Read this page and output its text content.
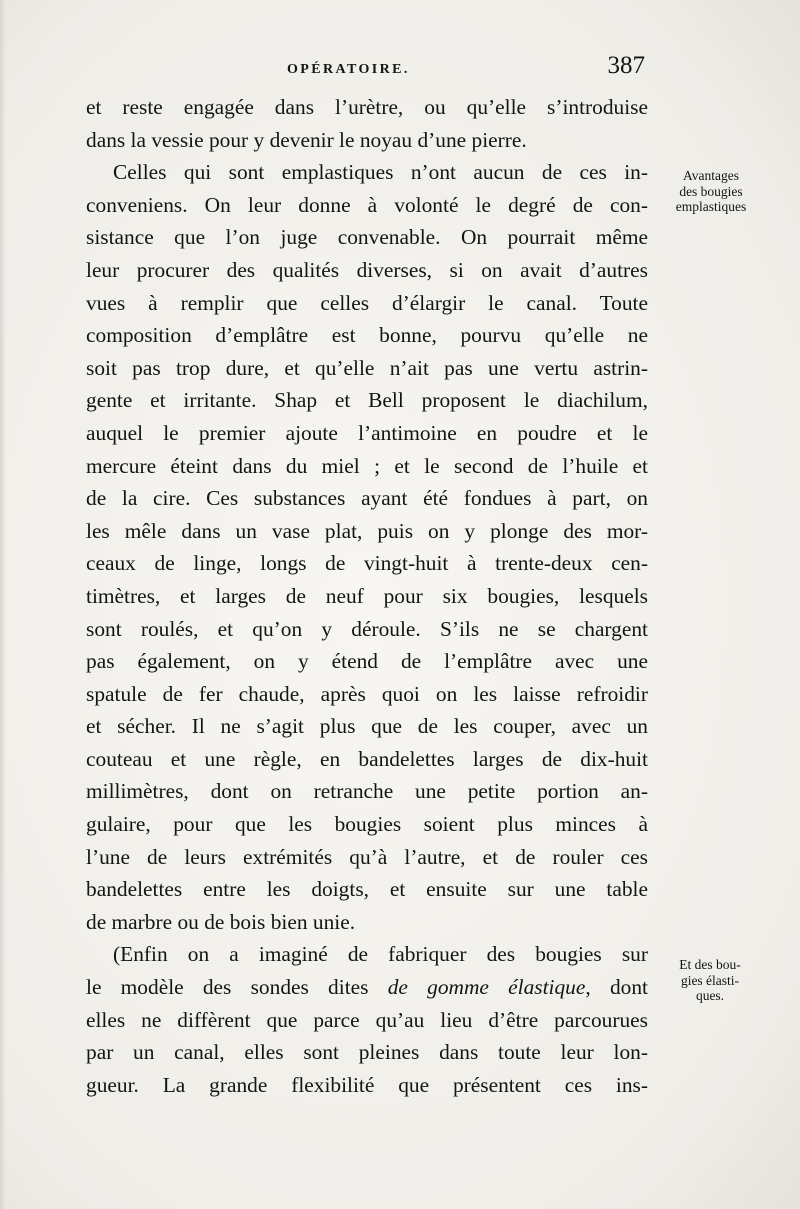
OPÉRATOIRE.	387
et reste engagée dans l’urètre, ou qu’elle s’introduise
dans la vessie pour y devenir le noyau d’une pierre.
Celles qui sont emplastiques n’ont aucun de ces in-
conveniens. On leur donne à volonté le degré de con-
sistance que l’on juge convenable. On pourrait même
leur procurer des qualités diverses, si on avait d’autres
vues à remplir que celles d’élargir le canal. Toute
composition d’emplâtre est bonne, pourvu qu’elle ne
soit pas trop dure, et qu’elle n’ait pas une vertu astrin-
gente et irritante. Shap et Bell proposent le diachilum,
auquel le premier ajoute l’antimoine en poudre et le
mercure éteint dans du miel ; et le second de l’huile et
de la cire. Ces substances ayant été fondues à part, on
les mêle dans un vase plat, puis on y plonge des mor-
ceaux de linge, longs de vingt-huit à trente-deux cen-
timètres, et larges de neuf pour six bougies, lesquels
sont roulés, et qu’on y déroule. S’ils ne se chargent
pas également, on y étend de l’emplâtre avec une
spatule de fer chaude, après quoi on les laisse refroidir
et sécher. Il ne s’agit plus que de les couper, avec un
couteau et une règle, en bandelettes larges de dix-huit
millimètres, dont on retranche une petite portion an-
gulaire, pour que les bougies soient plus minces à
l’une de leurs extrémités qu’à l’autre, et de rouler ces
bandelettes entre les doigts, et ensuite sur une table
de marbre ou de bois bien unie.
(Enfin on a imaginé de fabriquer des bougies sur
le modèle des sondes dites de gomme élastique, dont
elles ne diffèrent que parce qu’au lieu d’être parcourues
par un canal, elles sont pleines dans toute leur lon-
gueur. La grande flexibilité que présentent ces ins-
Avantages
des bougies
emplastiques
Et des bou-
gies élasti-
ques.
